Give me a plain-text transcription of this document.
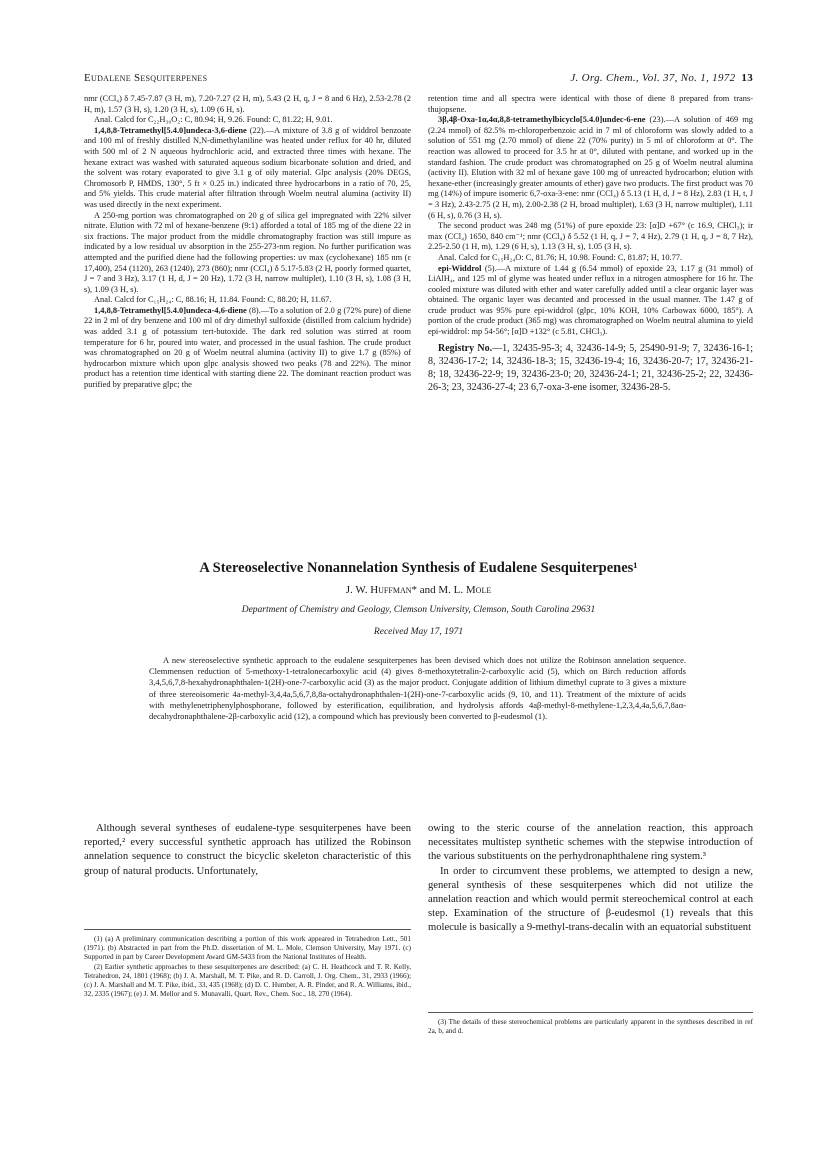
Eudalene Sesquiterpenes	J. Org. Chem., Vol. 37, No. 1, 1972 13

nmr (CCl₄) δ 7.45-7.87 (3 H, m), 7.20-7.27 (2 H, m), 5.43 (2 H, q, J = 8 and 6 Hz), 2.53-2.78 (2 H, m), 1.57 (3 H, s), 1.20 (3 H, s), 1.09 (6 H, s).

Anal. Calcd for C₂₂H₃₀O₂: C, 80.94; H, 9.26. Found: C, 81.22; H, 9.01.

1,4,8,8-Tetramethyl[5.4.0]undeca-3,6-diene (22).—A mixture of 3.8 g of widdrol benzoate and 100 ml of freshly distilled N,N-dimethylaniline was heated under reflux for 40 hr, diluted with 500 ml of 2 N aqueous hydrochloric acid, and extracted three times with hexane. The hexane extract was washed with saturated aqueous sodium bicarbonate solution and dried, and the solvent was rotary evaporated to give 3.1 g of oily material. Glpc analysis (20% DEGS, Chromosorb P, HMDS, 130°, 5 ft × 0.25 in.) indicated three hydrocarbons in a ratio of 70, 25, and 5% yields. This crude material after filtration through Woelm neutral alumina (activity II) was used directly in the next experiment.

A 250-mg portion was chromatographed on 20 g of silica gel impregnated with 22% silver nitrate. Elution with 72 ml of hexane-benzene (9:1) afforded a total of 185 mg of the diene 22 in six fractions. The major product from the middle chromatography fraction was still impure as indicated by a low residual uv absorption in the 255-273-nm region. No further purification was attempted and the purified diene had the following properties: uv max (cyclohexane) 185 nm (ε 17,400), 254 (1120), 263 (1240), 273 (860); nmr (CCl₄) δ 5.17-5.83 (2 H, poorly formed quartet, J = 7 and 3 Hz), 3.17 (1 H, d, J = 20 Hz), 1.72 (3 H, narrow multiplet), 1.10 (3 H, s), 1.08 (3 H, s), 1.09 (3 H, s).

Anal. Calcd for C₁₅H₂₄: C, 88.16; H, 11.84. Found: C, 88.20; H, 11.67.

1,4,8,8-Tetramethyl[5.4.0]undeca-4,6-diene (8).—To a solution of 2.0 g (72% pure) of diene 22 in 2 ml of dry benzene and 100 ml of dry dimethyl sulfoxide (distilled from calcium hydride) was added 3.1 g of potassium tert-butoxide. The dark red solution was stirred at room temperature for 6 hr, poured into water, and processed in the usual fashion. The crude product was chromatographed on 20 g of Woelm neutral alumina (activity II) to give 1.7 g (85%) of hydrocarbon mixture which upon glpc analysis showed two peaks (78 and 22%). The minor product has a retention time identical with starting diene 22. The dominant reaction product was purified by preparative glpc; the

retention time and all spectra were identical with those of diene 8 prepared from trans-thujopsene.

3β,4β-Oxa-1α,4α,8,8-tetramethylbicyclo[5.4.0]undec-6-ene (23).—A solution of 469 mg (2.24 mmol) of 82.5% m-chloroperbenzoic acid in 7 ml of chloroform was slowly added to a solution of 551 mg (2.70 mmol) of diene 22 (70% purity) in 5 ml of chloroform at 0°. The reaction was allowed to proceed for 3.5 hr at 0°, diluted with pentane, and worked up in the standard fashion. The crude product was chromatographed on 25 g of Woelm neutral alumina (activity II). Elution with 32 ml of hexane gave 100 mg of unreacted hydrocarbon; elution with hexane-ether (increasingly greater amounts of ether) gave two products. The first product was 70 mg (14%) of impure isomeric 6,7-oxa-3-ene: nmr (CCl₄) δ 5.13 (1 H, d, J = 8 Hz), 2.83 (1 H, t, J = 3 Hz), 2.43-2.75 (2 H, m), 2.00-2.38 (2 H, broad multiplet), 1.63 (3 H, narrow multiplet), 1.11 (6 H, s), 0.76 (3 H, s).

The second product was 248 mg (51%) of pure epoxide 23: [α]D +67° (c 16.9, CHCl₃); ir max (CCl₄) 1650, 840 cm⁻¹; nmr (CCl₄) δ 5.52 (1 H, q, J = 7, 4 Hz), 2.79 (1 H, q, J = 8, 7 Hz), 2.25-2.50 (1 H, m), 1.29 (6 H, s), 1.13 (3 H, s), 1.05 (3 H, s).

Anal. Calcd for C₁₅H₂₄O: C, 81.76; H, 10.98. Found: C, 81.87; H, 10.77.

epi-Widdrol (5).—A mixture of 1.44 g (6.54 mmol) of epoxide 23, 1.17 g (31 mmol) of LiAlH₄, and 125 ml of glyme was heated under reflux in a nitrogen atmosphere for 16 hr. The cooled mixture was diluted with ether and water carefully added until a clear organic layer was obtained. The organic layer was decanted and processed in the usual manner. The 1.47 g of crude product was 95% pure epi-widdrol (glpc, 10% KOH, 10% Carbowax 6000, 185°). A portion of the crude product (365 mg) was chromatographed on Woelm neutral alumina to yield epi-widdrol: mp 54-56°; [α]D +132° (c 5.81, CHCl₃).

Registry No.—1, 32435-95-3; 4, 32436-14-9; 5, 25490-91-9; 7, 32436-16-1; 8, 32436-17-2; 14, 32436-18-3; 15, 32436-19-4; 16, 32436-20-7; 17, 32436-21-8; 18, 32436-22-9; 19, 32436-23-0; 20, 32436-24-1; 21, 32436-25-2; 22, 32436-26-3; 23, 32436-27-4; 23 6,7-oxa-3-ene isomer, 32436-28-5.

A Stereoselective Nonannelation Synthesis of Eudalene Sesquiterpenes¹
J. W. Huffman* and M. L. Mole
Department of Chemistry and Geology, Clemson University, Clemson, South Carolina 29631
Received May 17, 1971
A new stereoselective synthetic approach to the eudalene sesquiterpenes has been devised which does not utilize the Robinson annelation sequence. Clemmensen reduction of 5-methoxy-1-tetralonecarboxylic acid (4) gives 8-methoxytetralin-2-carboxylic acid (5), which on Birch reduction affords 3,4,5,6,7,8-hexahydronaphthalen-1(2H)-one-7-carboxylic acid (3) as the major product. Conjugate addition of lithium dimethyl cuprate to 3 gives a mixture of three stereoisomeric 4a-methyl-3,4,4a,5,6,7,8,8a-octahydronaphthalen-1(2H)-one-7-carboxylic acids (9, 10, and 11). Treatment of the mixture of acids with methylenetriphenylphosphorane, followed by esterification, equilibration, and hydrolysis affords 4aβ-methyl-8-methylene-1,2,3,4,4a,5,6,7,8aα-decahydronaphthalene-2β-carboxylic acid (12), a compound which has previously been converted to β-eudesmol (1).

Although several syntheses of eudalene-type sesquiterpenes have been reported,² every successful synthetic approach has utilized the Robinson annelation sequence to construct the bicyclic skeleton characteristic of this group of natural products. Unfortunately,

owing to the steric course of the annelation reaction, this approach necessitates multistep synthetic schemes with the stepwise introduction of the various substituents on the perhydronaphthalene ring system.³

In order to circumvent these problems, we attempted to design a new, general synthesis of these sesquiterpenes which did not utilize the annelation reaction and which would permit stereochemical control at each step. Examination of the structure of β-eudesmol (1) reveals that this molecule is basically a 9-methyl-trans-decalin with an equatorial substituent

(1) (a) A preliminary communication describing a portion of this work appeared in Tetrahedron Lett., 501 (1971). (b) Abstracted in part from the Ph.D. dissertation of M. L. Mole, Clemson University, May 1971. (c) Supported in part by Career Development Award GM-5433 from the National Institutes of Health.

(2) Earlier synthetic approaches to these sesquiterpenes are described: (a) C. H. Heathcock and T. R. Kelly, Tetrahedron, 24, 1801 (1968); (b) J. A. Marshall, M. T. Pike, and R. D. Carroll, J. Org. Chem., 31, 2933 (1966); (c) J. A. Marshall and M. T. Pike, ibid., 33, 435 (1968); (d) D. C. Humber, A. R. Pinder, and R. A. Williams, ibid., 32, 2335 (1967); (e) J. M. Mellor and S. Munavalli, Quart. Rev., Chem. Soc., 18, 270 (1964).

(3) The details of these stereochemical problems are particularly apparent in the syntheses described in ref 2a, b, and d.
